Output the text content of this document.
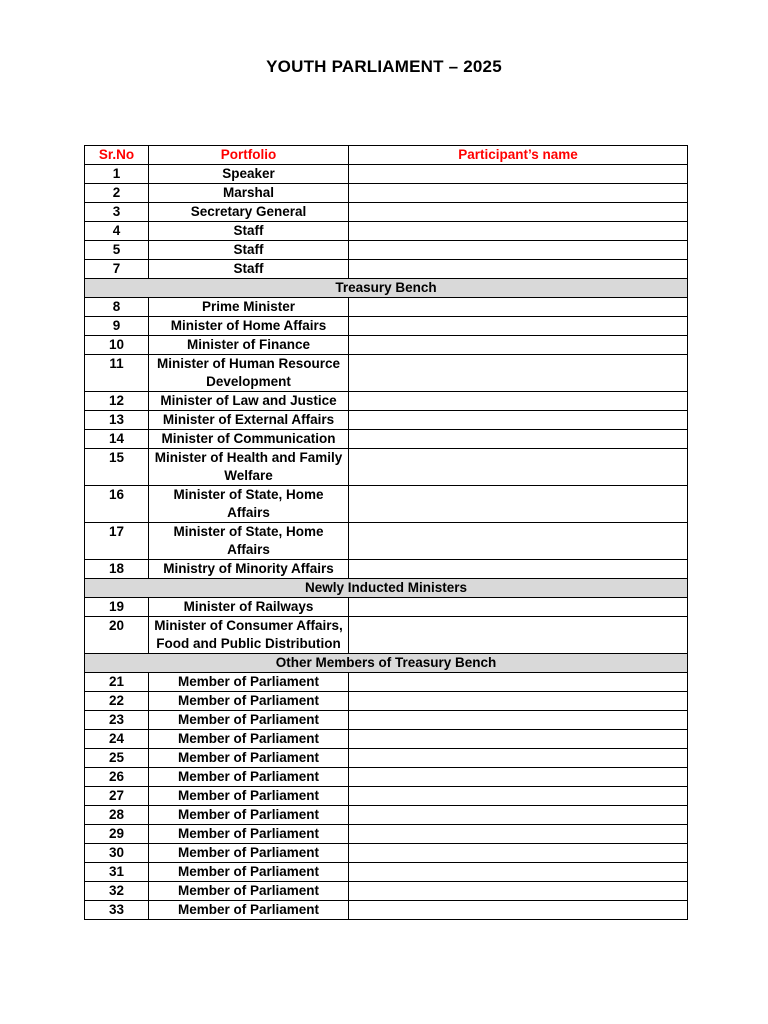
YOUTH PARLIAMENT – 2025
Sr.No	Portfolio	Participant’s name
1	Speaker	
2	Marshal	
3	Secretary General	
4	Staff	
5	Staff	
7	Staff	
Treasury Bench		
8	Prime Minister	
9	Minister of Home Affairs	
10	Minister of Finance	
11	Minister of Human Resource Development	
12	Minister of Law and Justice	
13	Minister of External Affairs	
14	Minister of Communication	
15	Minister of Health and Family Welfare	
16	Minister of State, Home Affairs	
17	Minister of State, Home Affairs	
18	Ministry of Minority Affairs	
Newly Inducted Ministers		
19	Minister of Railways	
20	Minister of Consumer Affairs, Food and Public Distribution	
Other Members of Treasury Bench		
21	Member of Parliament	
22	Member of Parliament	
23	Member of Parliament	
24	Member of Parliament	
25	Member of Parliament	
26	Member of Parliament	
27	Member of Parliament	
28	Member of Parliament	
29	Member of Parliament	
30	Member of Parliament	
31	Member of Parliament	
32	Member of Parliament	
33	Member of Parliament	
